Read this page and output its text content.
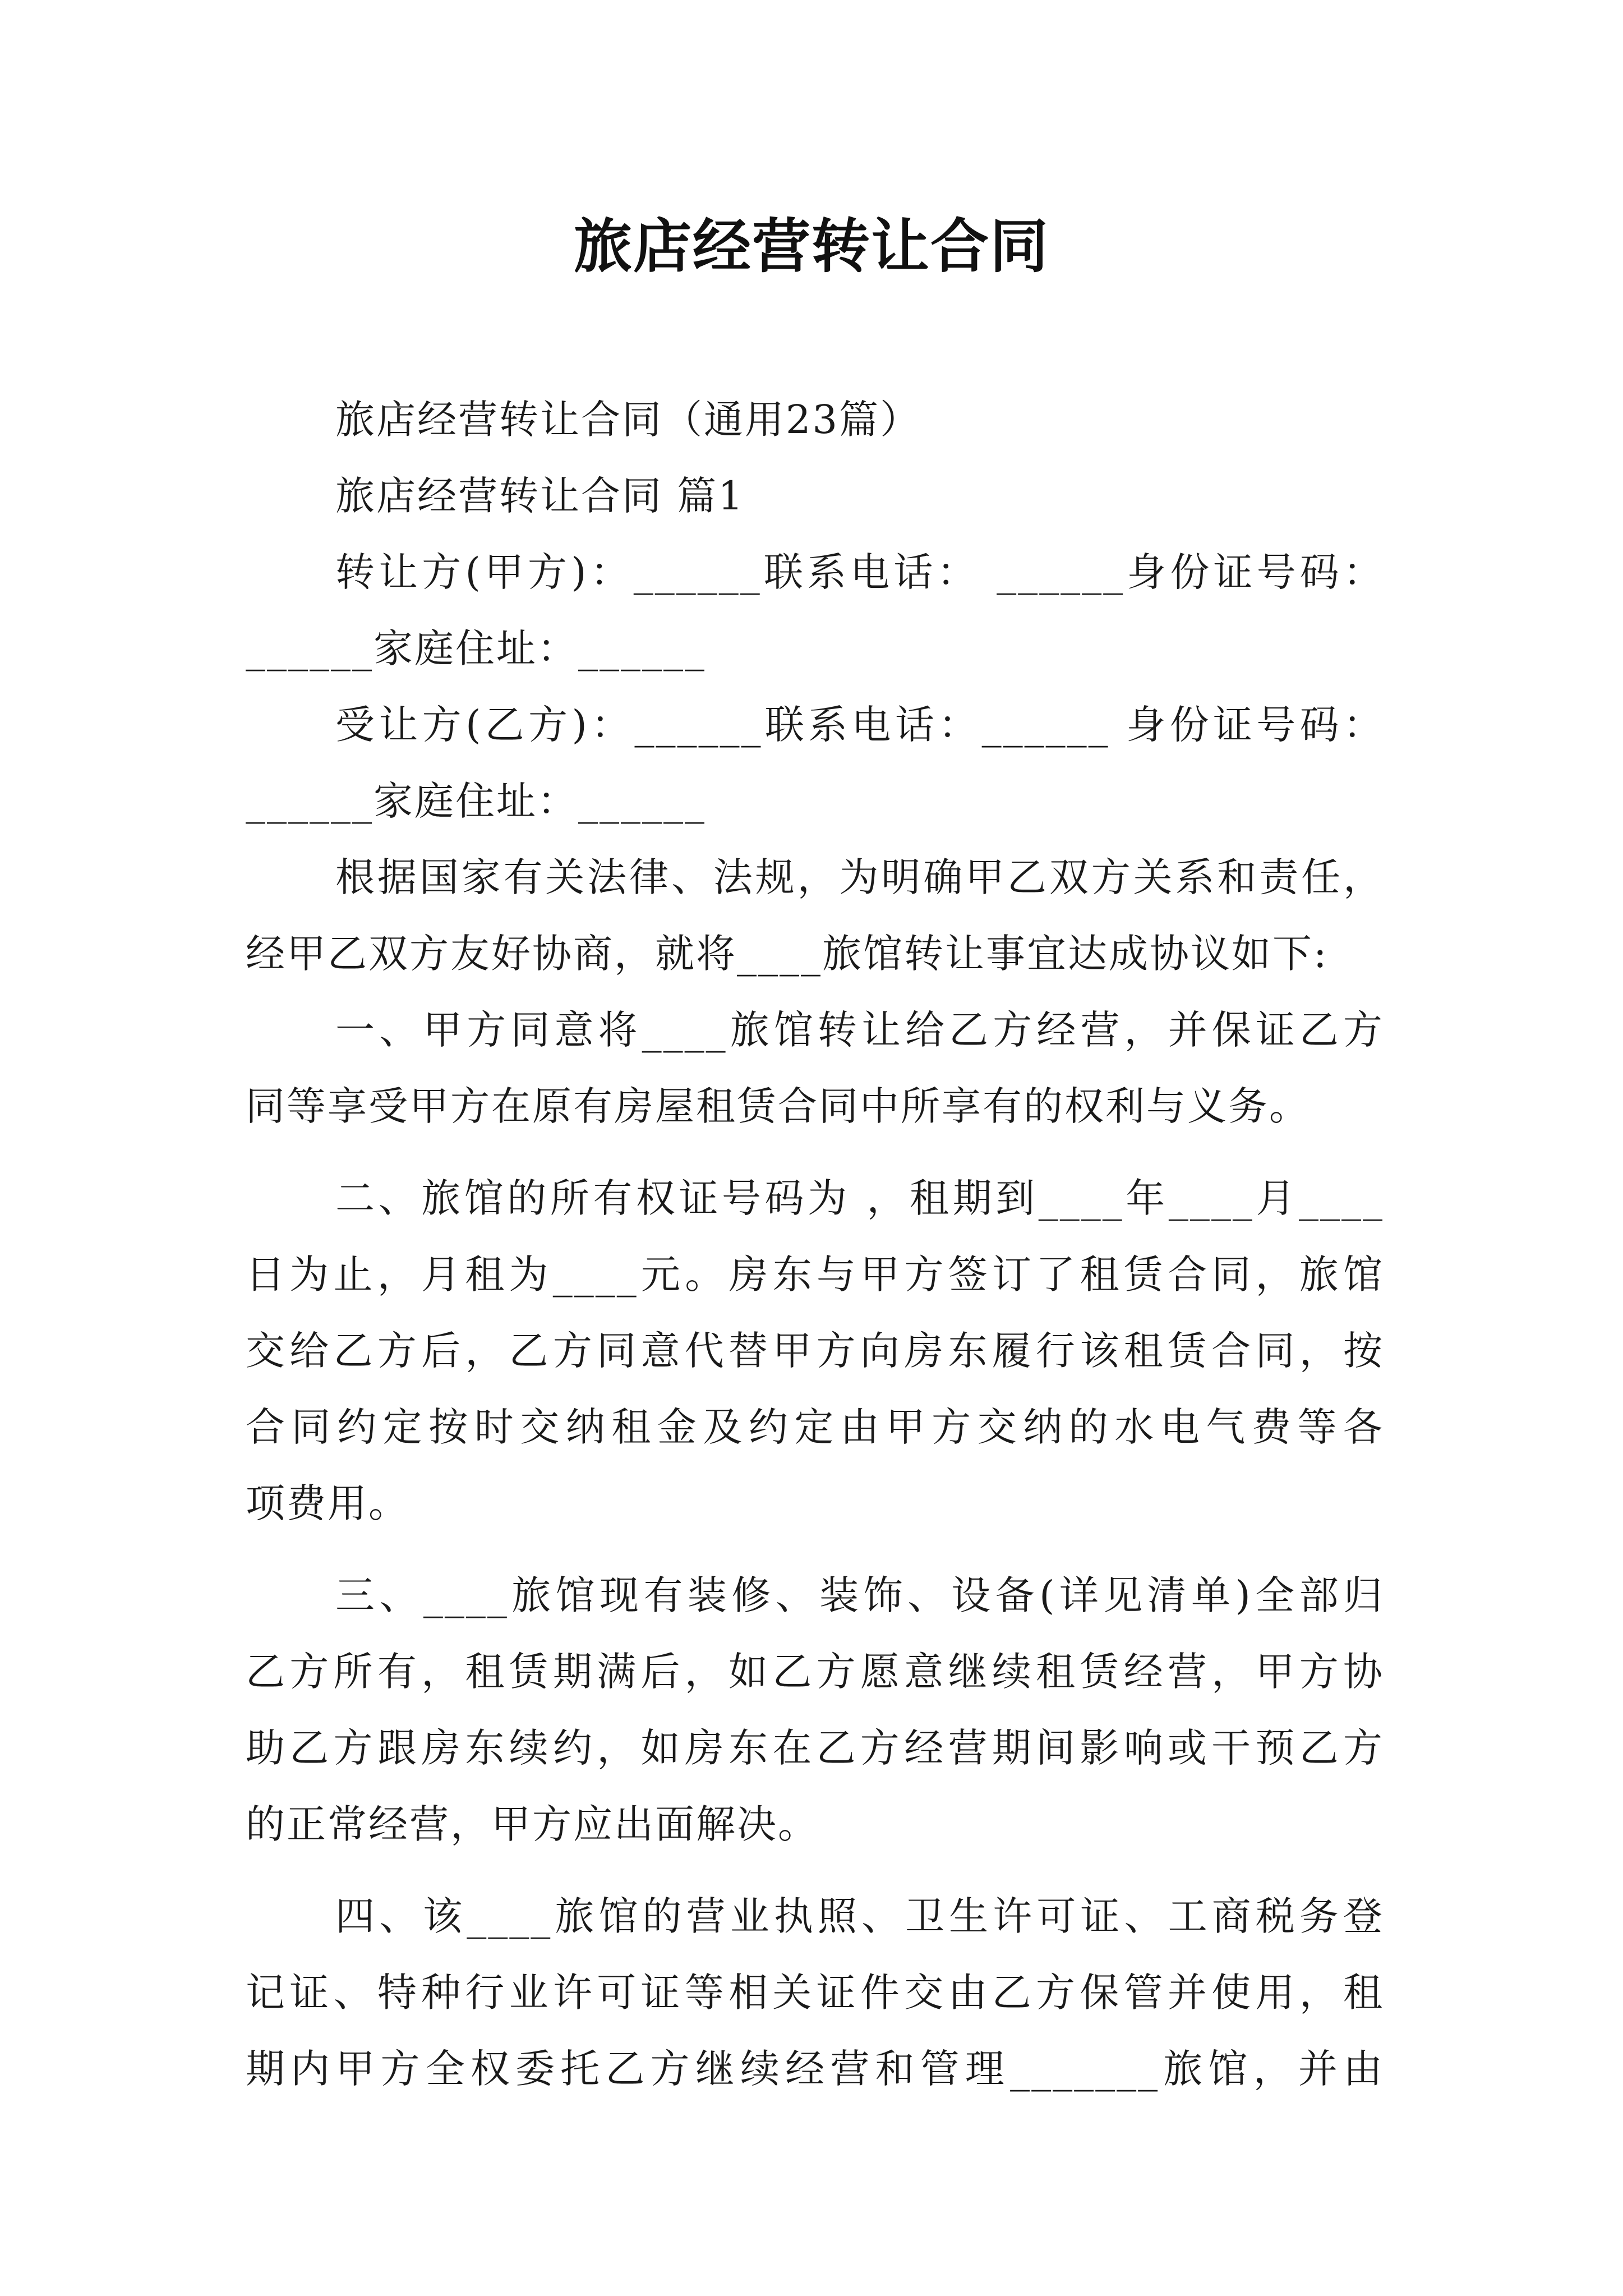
旅店经营转让合同
旅店经营转让合同（通用23篇）
旅店经营转让合同 篇1
转让方(甲方)：______联系电话： ______身份证号码：
______家庭住址：______
受让方(乙方)：______联系电话：______ 身份证号码：
______家庭住址：______
根据国家有关法律、法规，为明确甲乙双方关系和责任，
经甲乙双方友好协商，就将____旅馆转让事宜达成协议如下:
一、甲方同意将____旅馆转让给乙方经营，并保证乙方
同等享受甲方在原有房屋租赁合同中所享有的权利与义务。
二、旅馆的所有权证号码为 ，租期到____年____月____
日为止，月租为____元。房东与甲方签订了租赁合同，旅馆
交给乙方后，乙方同意代替甲方向房东履行该租赁合同，按
合同约定按时交纳租金及约定由甲方交纳的水电气费等各
项费用。
三、____旅馆现有装修、装饰、设备(详见清单)全部归
乙方所有，租赁期满后，如乙方愿意继续租赁经营，甲方协
助乙方跟房东续约，如房东在乙方经营期间影响或干预乙方
的正常经营，甲方应出面解决。
四、该____旅馆的营业执照、卫生许可证、工商税务登
记证、特种行业许可证等相关证件交由乙方保管并使用，租
期内甲方全权委托乙方继续经营和管理_______旅馆，并由
